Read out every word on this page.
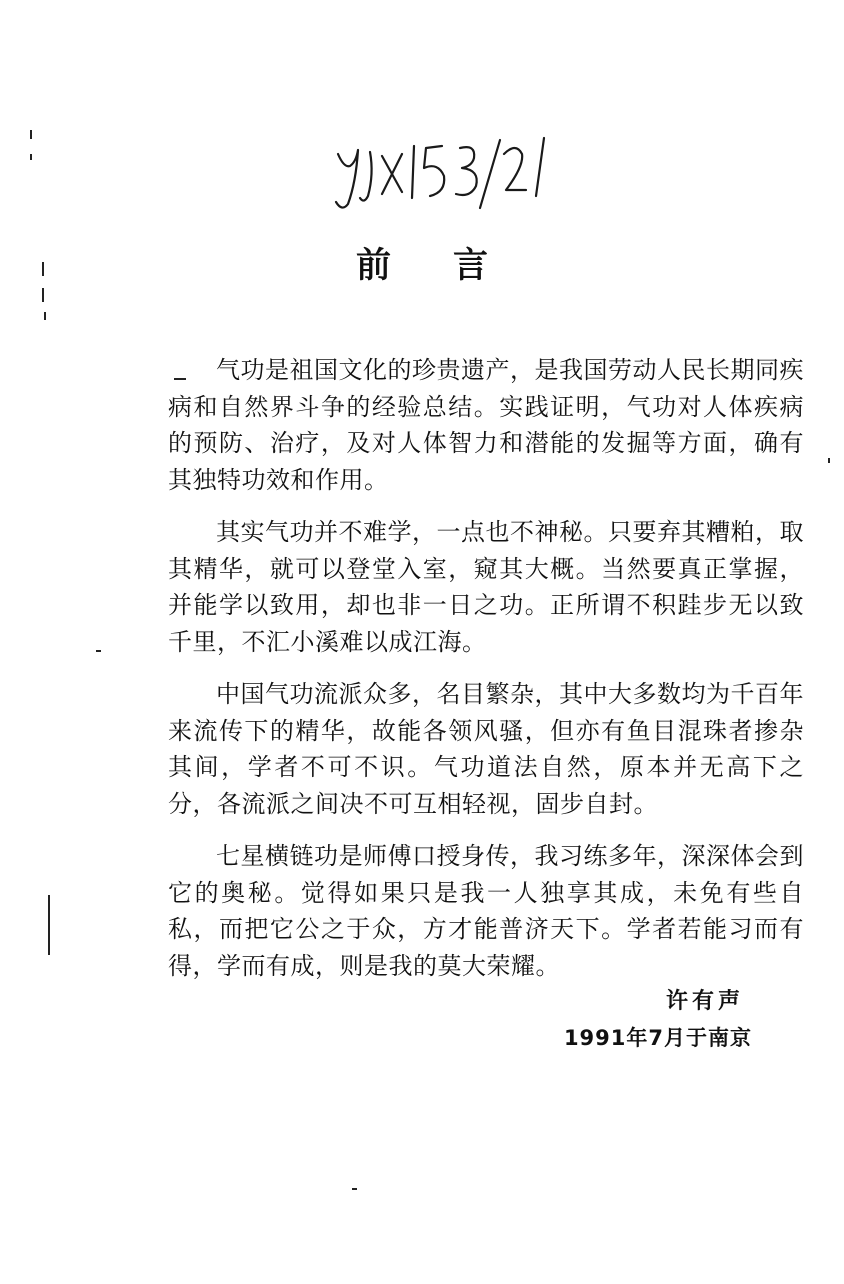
前言

气功是祖国文化的珍贵遗产，是我国劳动人民长期同疾病和自然界斗争的经验总结。实践证明，气功对人体疾病的预防、治疗，及对人体智力和潜能的发掘等方面，确有其独特功效和作用。

其实气功并不难学，一点也不神秘。只要弃其糟粕，取其精华，就可以登堂入室，窥其大概。当然要真正掌握，并能学以致用，却也非一日之功。正所谓不积跬步无以致千里，不汇小溪难以成江海。

中国气功流派众多，名目繁杂，其中大多数均为千百年来流传下的精华，故能各领风骚，但亦有鱼目混珠者掺杂其间，学者不可不识。气功道法自然，原本并无高下之分，各流派之间决不可互相轻视，固步自封。

七星横链功是师傅口授身传，我习练多年，深深体会到它的奥秘。觉得如果只是我一人独享其成，未免有些自私，而把它公之于众，方才能普济天下。学者若能习而有得，学而有成，则是我的莫大荣耀。

许有声
1991年7月于南京
